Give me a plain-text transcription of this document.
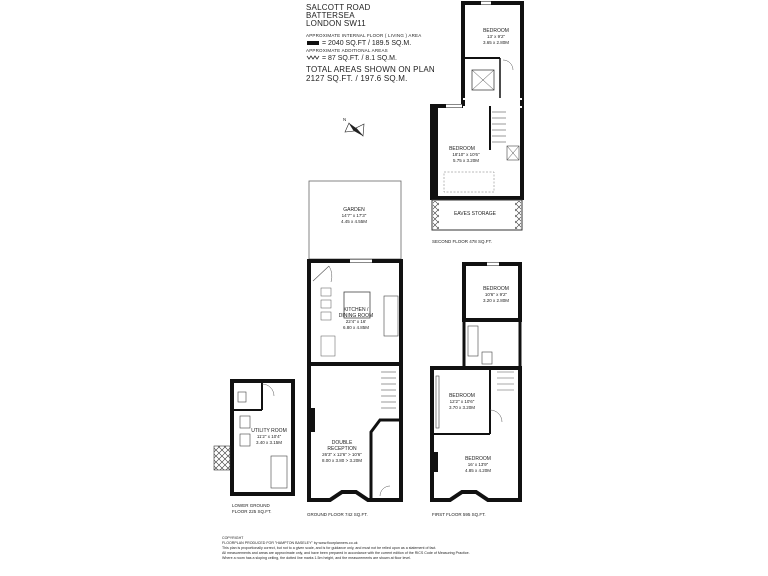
SALCOTT ROAD
BATTERSEA
LONDON SW11
APPROXIMATE INTERNAL FLOOR ( LIVING ) AREA
= 2040 SQ.FT / 189.5 SQ.M.
APPROXIMATE ADDITIONAL AREAS
= 87 SQ.FT. / 8.1 SQ.M.
TOTAL AREAS SHOWN ON PLAN
2127 SQ.FT. / 197.6 SQ.M.
N
BEDROOM
13' x 9'2"
3.65 x 2.80M
BEDROOM
18'10" x 10'6"
5.75 x 3.20M
EAVES STORAGE
SECOND FLOOR 478 SQ.FT.
GARDEN
14'7" x 17'3"
4.45 x 4.55M
KITCHEN /
DINING ROOM
22'4" x 16'
6.80 x 4.85M
DOUBLE
RECEPTION
26'3" x 12'6" > 10'6"
8.00 x 3.80 > 3.20M
GROUND FLOOR 742 SQ.FT.
UTILITY ROOM
11'2" x 10'4"
3.40 x 3.15M
LOWER GROUND
FLOOR 225 SQ.FT.
BEDROOM
10'6" x 9'2"
3.20 x 2.80M
BEDROOM
12'2" x 10'6"
3.70 x 3.20M
BEDROOM
16' x 13'9"
4.85 x 4.20M
FIRST FLOOR 595 SQ.FT.
COPYRIGHT
FLOORPLAN PRODUCED FOR "HAMPTON BASELEY" by www.floorplanners.co.uk
This plan is proportionally correct, but not to a given scale, and is for guidance only, and must not be relied upon as a statement of fact.
All measurements and areas are approximate only, and have been prepared in accordance with the current edition of the RICS Code of Measuring Practice.
Where a room has a sloping ceiling, the dotted line marks 1.5m height, and the measurements are shown at floor level.
